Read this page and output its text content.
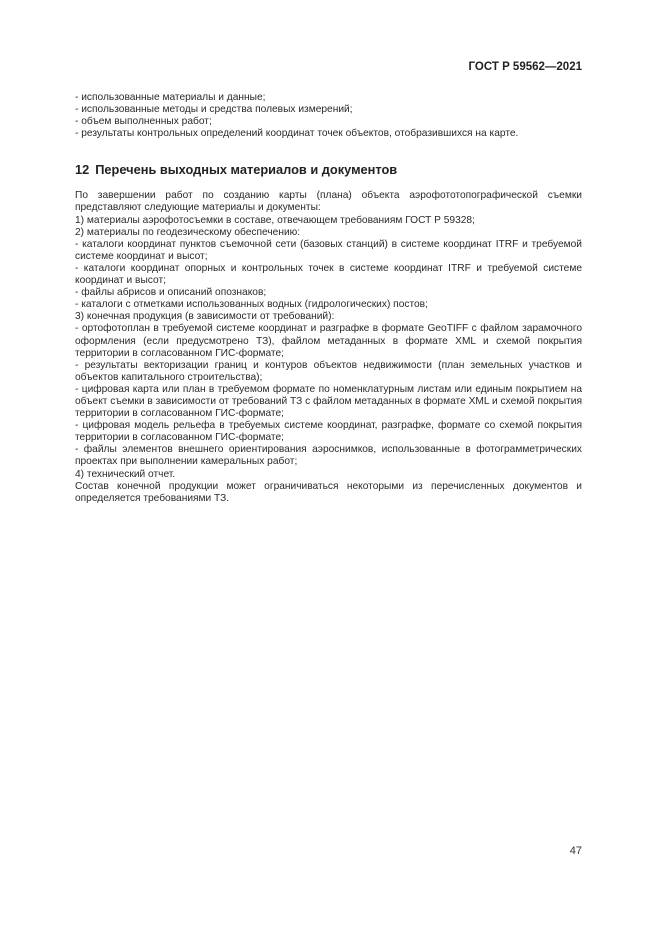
ГОСТ Р 59562—2021

- использованные материалы и данные;

- использованные методы и средства полевых измерений;

- объем выполненных работ;

- результаты контрольных определений координат точек объектов, отобразившихся на карте.

12 Перечень выходных материалов и документов

По завершении работ по созданию карты (плана) объекта аэрофототопографической съемки представляют следующие материалы и документы:

1) материалы аэрофотосъемки в составе, отвечающем требованиям ГОСТ Р 59328;

2) материалы по геодезическому обеспечению:

- каталоги координат пунктов съемочной сети (базовых станций) в системе координат ITRF и требуемой системе координат и высот;

- каталоги координат опорных и контрольных точек в системе координат ITRF и требуемой системе координат и высот;

- файлы абрисов и описаний опознаков;

- каталоги с отметками использованных водных (гидрологических) постов;

3) конечная продукция (в зависимости от требований):

- ортофотоплан в требуемой системе координат и разграфке в формате GeoTIFF с файлом зарамочного оформления (если предусмотрено ТЗ), файлом метаданных в формате XML и схемой покрытия территории в согласованном ГИС-формате;

- результаты векторизации границ и контуров объектов недвижимости (план земельных участков и объектов капитального строительства);

- цифровая карта или план в требуемом формате по номенклатурным листам или единым покрытием на объект съемки в зависимости от требований ТЗ с файлом метаданных в формате XML и схемой покрытия территории в согласованном ГИС-формате;

- цифровая модель рельефа в требуемых системе координат, разграфке, формате со схемой покрытия территории в согласованном ГИС-формате;

- файлы элементов внешнего ориентирования аэроснимков, использованные в фотограмметрических проектах при выполнении камеральных работ;

4) технический отчет.

Состав конечной продукции может ограничиваться некоторыми из перечисленных документов и определяется требованиями ТЗ.

47
